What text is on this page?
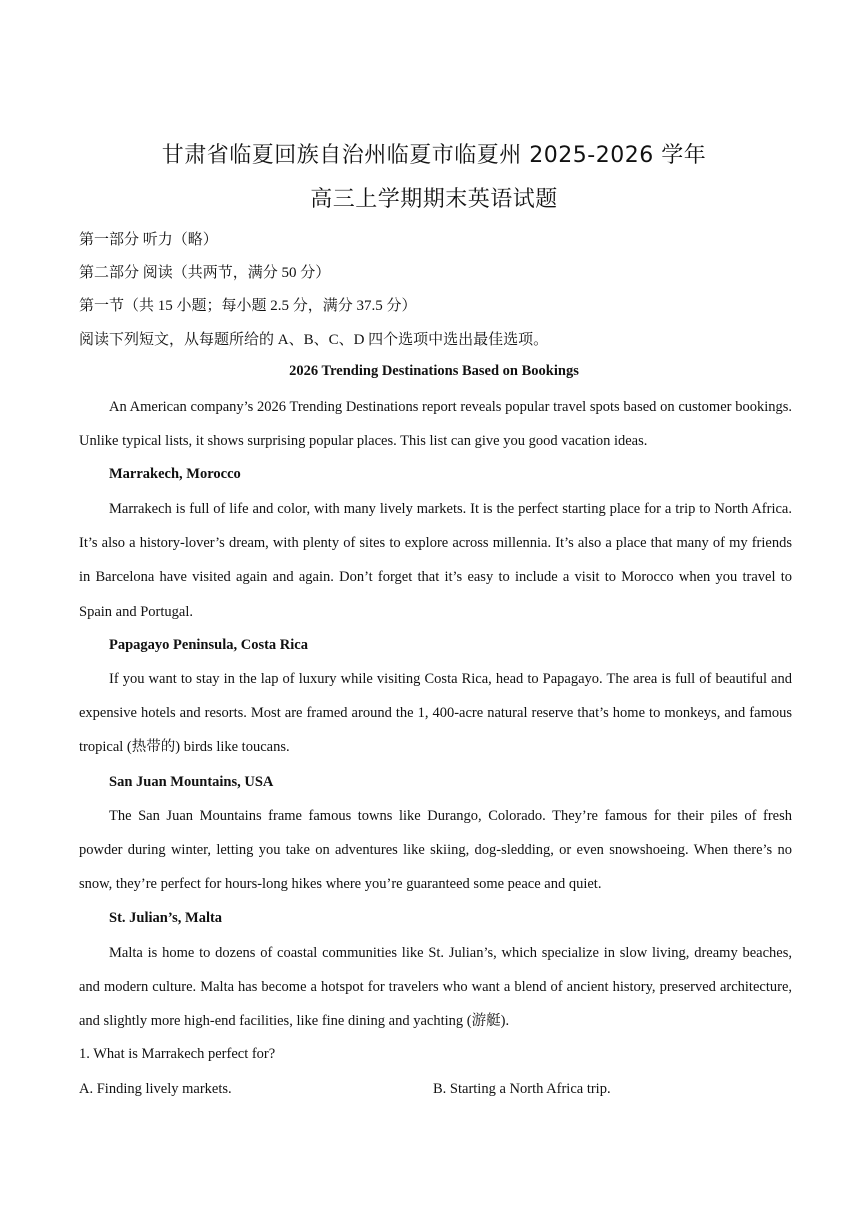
甘肃省临夏回族自治州临夏市临夏州 2025-2026 学年
高三上学期期末英语试题
第一部分 听力（略）
第二部分 阅读（共两节，满分 50 分）
第一节（共 15 小题；每小题 2.5 分，满分 37.5 分）
阅读下列短文，从每题所给的 A、B、C、D 四个选项中选出最佳选项。
2026 Trending Destinations Based on Bookings
An American company’s 2026 Trending Destinations report reveals popular travel spots based on customer bookings. Unlike typical lists, it shows surprising popular places. This list can give you good vacation ideas.
Marrakech, Morocco
Marrakech is full of life and color, with many lively markets. It is the perfect starting place for a trip to North Africa. It’s also a history-lover’s dream, with plenty of sites to explore across millennia. It’s also a place that many of my friends in Barcelona have visited again and again. Don’t forget that it’s easy to include a visit to Morocco when you travel to Spain and Portugal.
Papagayo Peninsula, Costa Rica
If you want to stay in the lap of luxury while visiting Costa Rica, head to Papagayo. The area is full of beautiful and expensive hotels and resorts. Most are framed around the 1, 400-acre natural reserve that’s home to monkeys, and famous tropical (热带的) birds like toucans.
San Juan Mountains, USA
The San Juan Mountains frame famous towns like Durango, Colorado. They’re famous for their piles of fresh powder during winter, letting you take on adventures like skiing, dog-sledding, or even snowshoeing. When there’s no snow, they’re perfect for hours-long hikes where you’re guaranteed some peace and quiet.
St. Julian’s, Malta
Malta is home to dozens of coastal communities like St. Julian’s, which specialize in slow living, dreamy beaches, and modern culture. Malta has become a hotspot for travelers who want a blend of ancient history, preserved architecture, and slightly more high-end facilities, like fine dining and yachting (游艇).
1. What is Marrakech perfect for?
A. Finding lively markets.	B. Starting a North Africa trip.
